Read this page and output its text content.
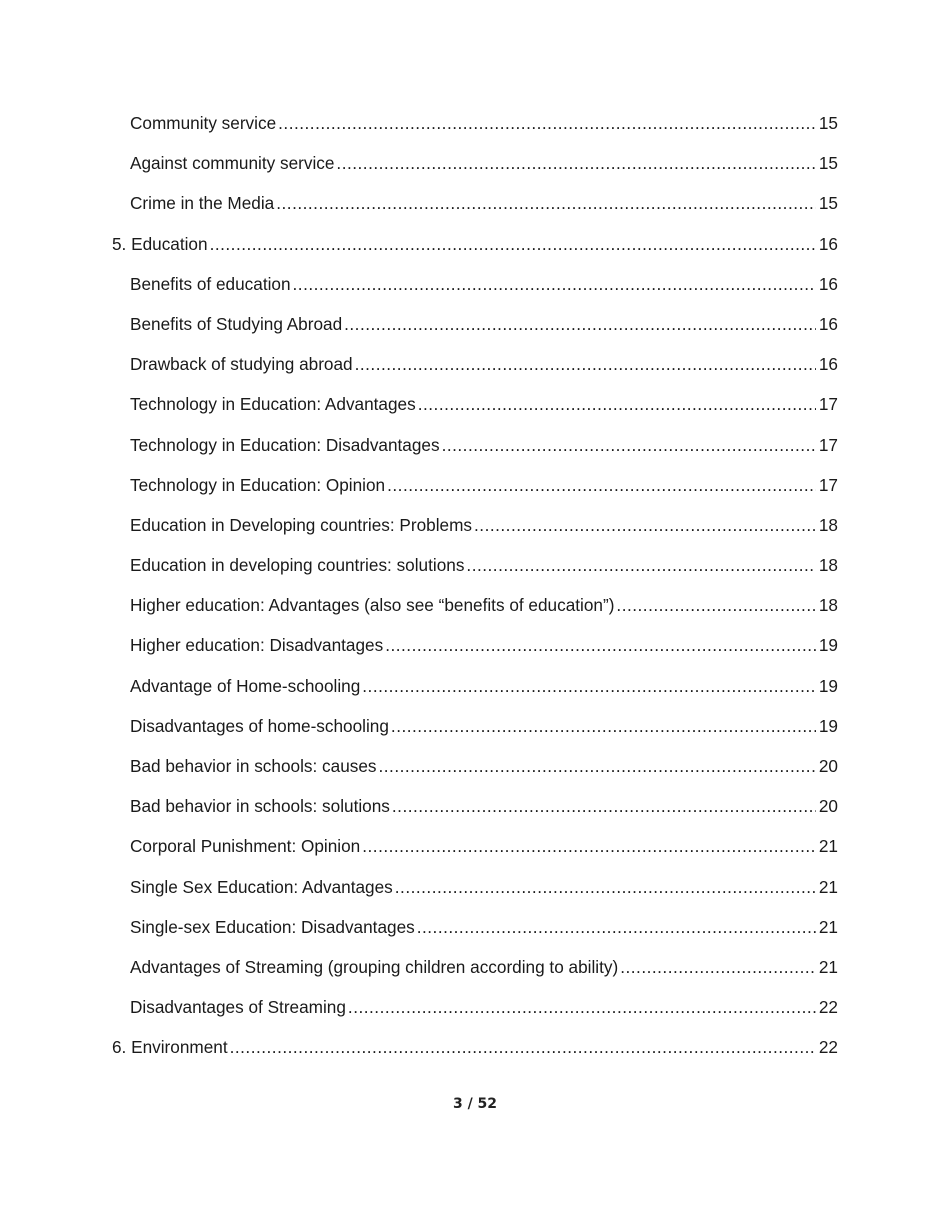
Community service .....	15
Against community service .....	15
Crime in the Media .....	15
5. Education .....	16
Benefits of education .....	16
Benefits of Studying Abroad .....	16
Drawback of studying abroad .....	16
Technology in Education: Advantages .....	17
Technology in Education: Disadvantages .....	17
Technology in Education: Opinion .....	17
Education in Developing countries: Problems .....	18
Education in developing countries: solutions .....	18
Higher education: Advantages (also see “benefits of education”) .....	18
Higher education: Disadvantages .....	19
Advantage of Home-schooling .....	19
Disadvantages of home-schooling .....	19
Bad behavior in schools: causes .....	20
Bad behavior in schools: solutions .....	20
Corporal Punishment: Opinion .....	21
Single Sex Education: Advantages .....	21
Single-sex Education: Disadvantages .....	21
Advantages of Streaming (grouping children according to ability) .....	21
Disadvantages of Streaming .....	22
6. Environment .....	22
3 / 52
